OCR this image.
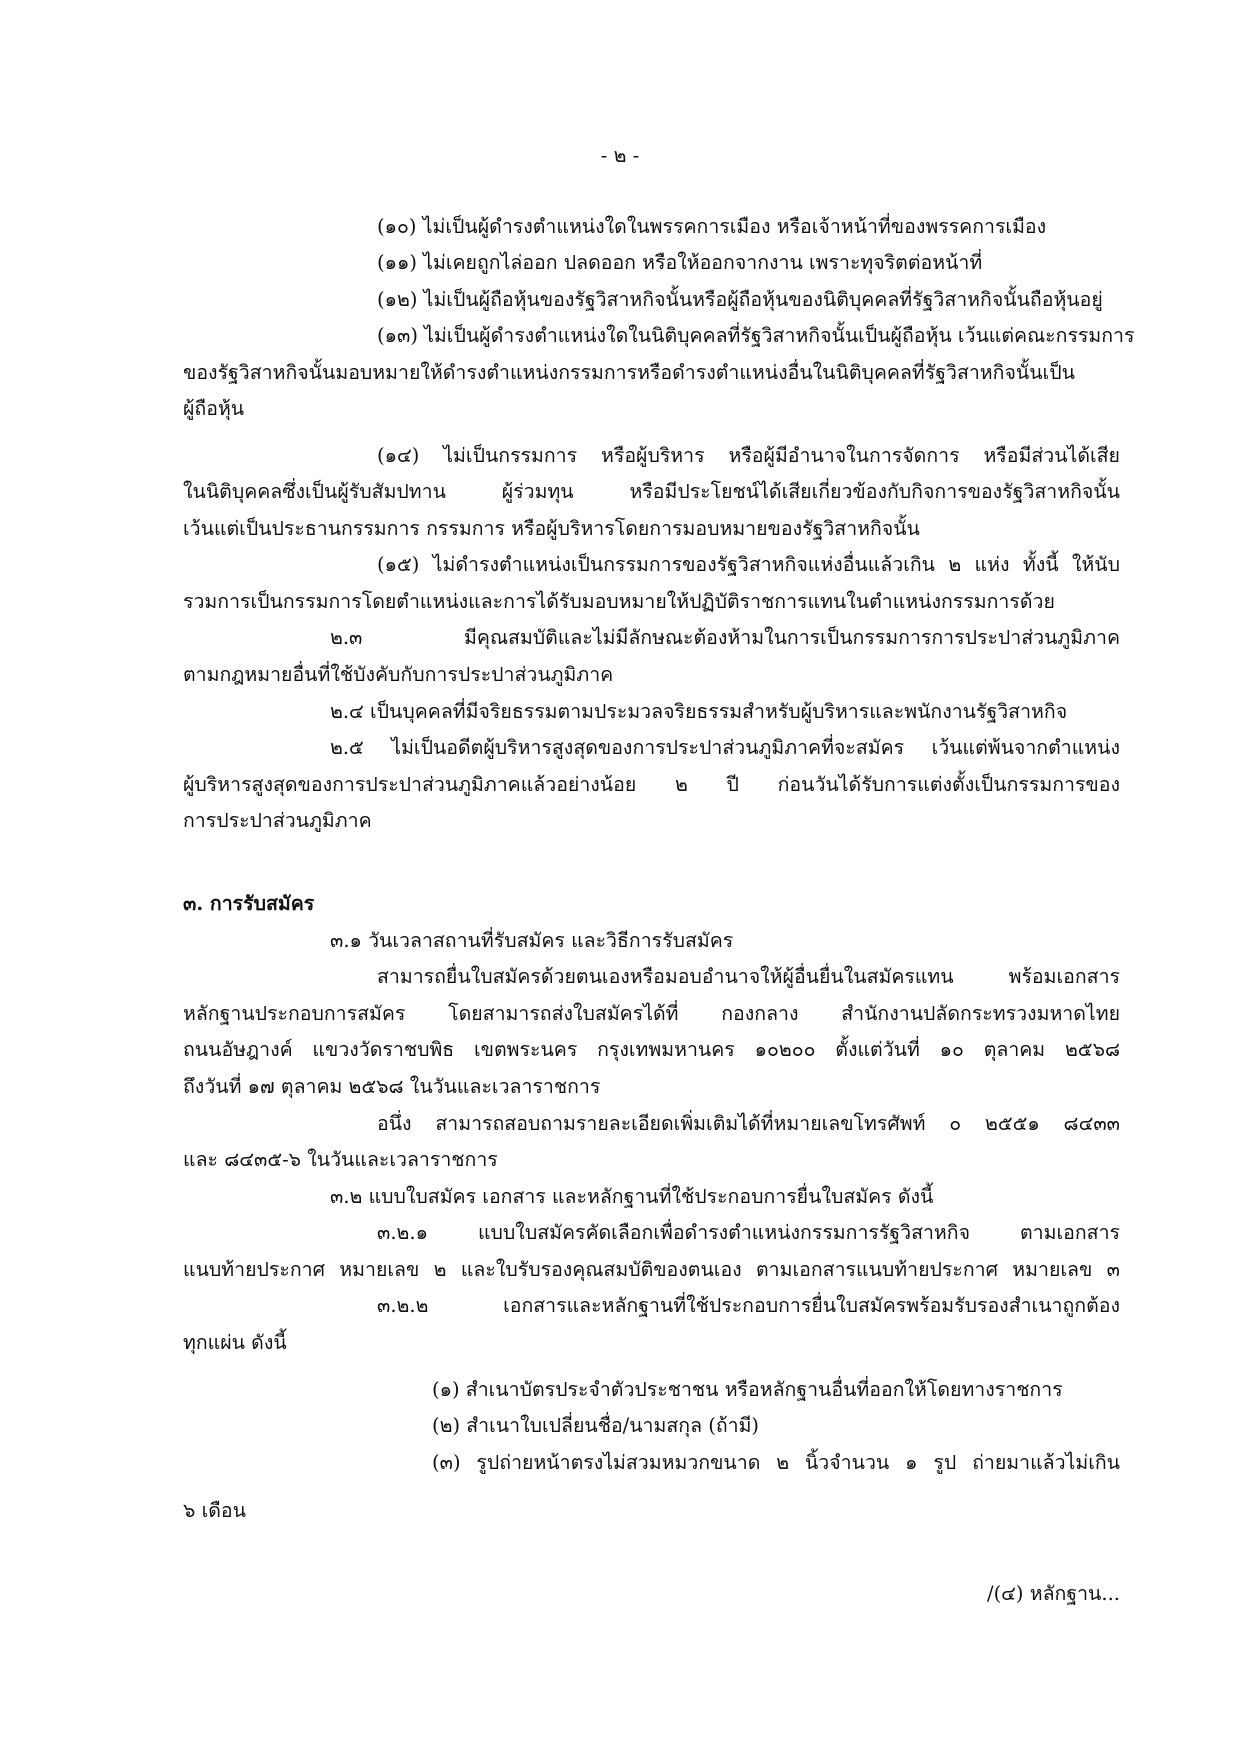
- ๒ -
(๑๐) ไม่เป็นผู้ดำรงตำแหน่งใดในพรรคการเมือง หรือเจ้าหน้าที่ของพรรคการเมือง
(๑๑) ไม่เคยถูกไล่ออก ปลดออก หรือให้ออกจากงาน เพราะทุจริตต่อหน้าที่
(๑๒) ไม่เป็นผู้ถือหุ้นของรัฐวิสาหกิจนั้นหรือผู้ถือหุ้นของนิติบุคคลที่รัฐวิสาหกิจนั้นถือหุ้นอยู่
(๑๓) ไม่เป็นผู้ดำรงตำแหน่งใดในนิติบุคคลที่รัฐวิสาหกิจนั้นเป็นผู้ถือหุ้น เว้นแต่คณะกรรมการ
ของรัฐวิสาหกิจนั้นมอบหมายให้ดำรงตำแหน่งกรรมการหรือดำรงตำแหน่งอื่นในนิติบุคคลที่รัฐวิสาหกิจนั้นเป็น
ผู้ถือหุ้น
(๑๔) ไม่เป็นกรรมการ หรือผู้บริหาร หรือผู้มีอำนาจในการจัดการ หรือมีส่วนได้เสีย
ในนิติบุคคลซึ่งเป็นผู้รับสัมปทาน ผู้ร่วมทุน หรือมีประโยชน์ได้เสียเกี่ยวข้องกับกิจการของรัฐวิสาหกิจนั้น
เว้นแต่เป็นประธานกรรมการ กรรมการ หรือผู้บริหารโดยการมอบหมายของรัฐวิสาหกิจนั้น
(๑๕) ไม่ดำรงตำแหน่งเป็นกรรมการของรัฐวิสาหกิจแห่งอื่นแล้วเกิน ๒ แห่ง ทั้งนี้ ให้นับ
รวมการเป็นกรรมการโดยตำแหน่งและการได้รับมอบหมายให้ปฏิบัติราชการแทนในตำแหน่งกรรมการด้วย
๒.๓ มีคุณสมบัติและไม่มีลักษณะต้องห้ามในการเป็นกรรมการการประปาส่วนภูมิภาค
ตามกฎหมายอื่นที่ใช้บังคับกับการประปาส่วนภูมิภาค
๒.๔ เป็นบุคคลที่มีจริยธรรมตามประมวลจริยธรรมสำหรับผู้บริหารและพนักงานรัฐวิสาหกิจ
๒.๕ ไม่เป็นอดีตผู้บริหารสูงสุดของการประปาส่วนภูมิภาคที่จะสมัคร เว้นแต่พ้นจากตำแหน่ง
ผู้บริหารสูงสุดของการประปาส่วนภูมิภาคแล้วอย่างน้อย ๒ ปี ก่อนวันได้รับการแต่งตั้งเป็นกรรมการของ
การประปาส่วนภูมิภาค
๓. การรับสมัคร
๓.๑ วันเวลาสถานที่รับสมัคร และวิธีการรับสมัคร
สามารถยื่นใบสมัครด้วยตนเองหรือมอบอำนาจให้ผู้อื่นยื่นในสมัครแทน พร้อมเอกสาร
หลักฐานประกอบการสมัคร โดยสามารถส่งใบสมัครได้ที่ กองกลาง สำนักงานปลัดกระทรวงมหาดไทย
ถนนอัษฎางค์ แขวงวัดราชบพิธ เขตพระนคร กรุงเทพมหานคร ๑๐๒๐๐ ตั้งแต่วันที่ ๑๐ ตุลาคม ๒๕๖๘
ถึงวันที่ ๑๗ ตุลาคม ๒๕๖๘ ในวันและเวลาราชการ
อนึ่ง สามารถสอบถามรายละเอียดเพิ่มเติมได้ที่หมายเลขโทรศัพท์ ๐ ๒๕๕๑ ๘๔๓๓
และ ๘๔๓๕-๖ ในวันและเวลาราชการ
๓.๒ แบบใบสมัคร เอกสาร และหลักฐานที่ใช้ประกอบการยื่นใบสมัคร ดังนี้
๓.๒.๑ แบบใบสมัครคัดเลือกเพื่อดำรงตำแหน่งกรรมการรัฐวิสาหกิจ ตามเอกสาร
แนบท้ายประกาศ หมายเลข ๒ และใบรับรองคุณสมบัติของตนเอง ตามเอกสารแนบท้ายประกาศ หมายเลข ๓
๓.๒.๒ เอกสารและหลักฐานที่ใช้ประกอบการยื่นใบสมัครพร้อมรับรองสำเนาถูกต้อง
ทุกแผ่น ดังนี้
(๑) สำเนาบัตรประจำตัวประชาชน หรือหลักฐานอื่นที่ออกให้โดยทางราชการ
(๒) สำเนาใบเปลี่ยนชื่อ/นามสกุล (ถ้ามี)
(๓) รูปถ่ายหน้าตรงไม่สวมหมวกขนาด ๒ นิ้วจำนวน ๑ รูป ถ่ายมาแล้วไม่เกิน
๖ เดือน
/(๔) หลักฐาน...
